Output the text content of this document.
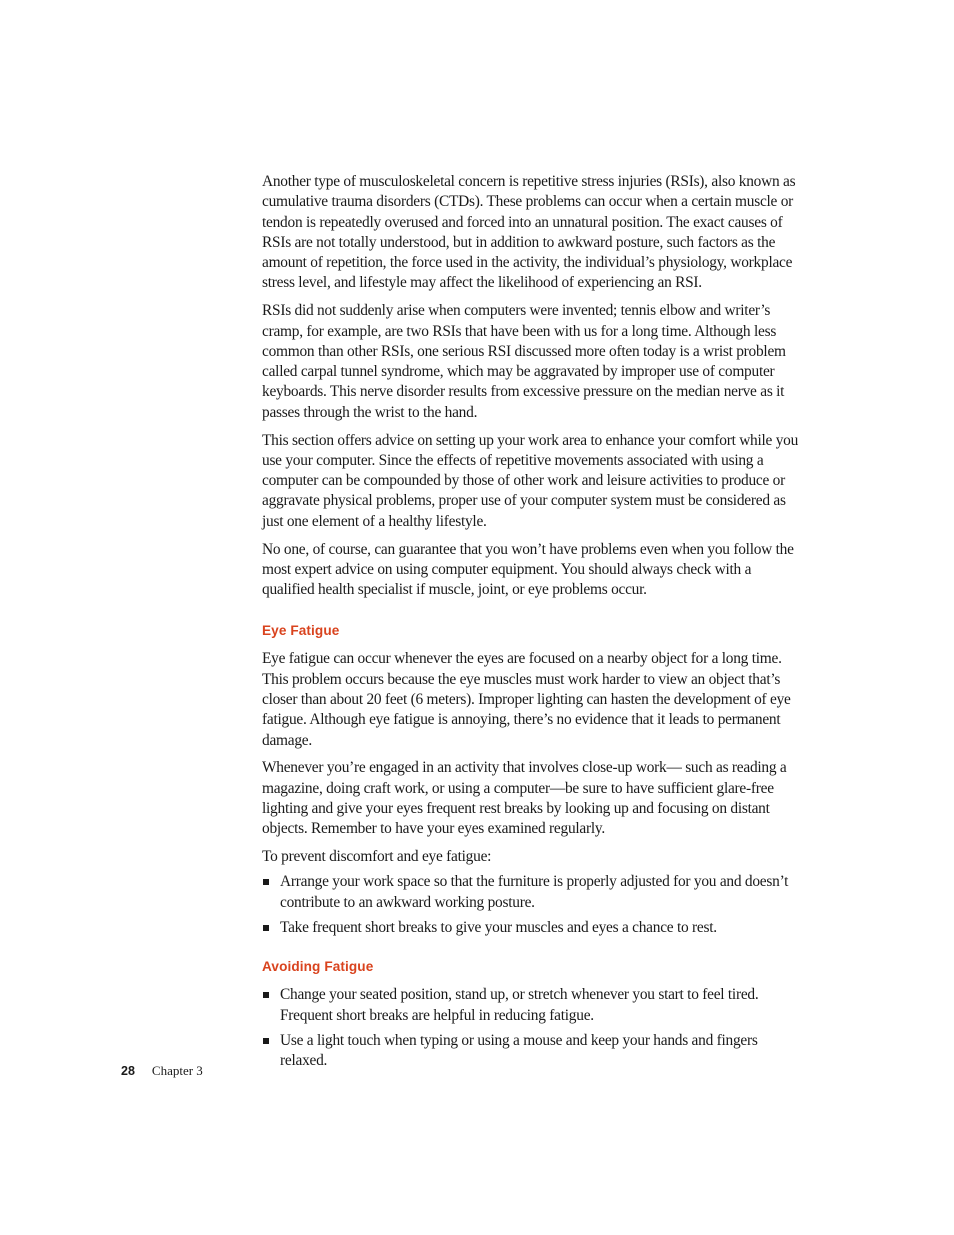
Another type of musculoskeletal concern is repetitive stress injuries (RSIs), also known as cumulative trauma disorders (CTDs). These problems can occur when a certain muscle or tendon is repeatedly overused and forced into an unnatural position. The exact causes of RSIs are not totally understood, but in addition to awkward posture, such factors as the amount of repetition, the force used in the activity, the individual’s physiology, workplace stress level, and lifestyle may affect the likelihood of experiencing an RSI.

RSIs did not suddenly arise when computers were invented; tennis elbow and writer’s cramp, for example, are two RSIs that have been with us for a long time. Although less common than other RSIs, one serious RSI discussed more often today is a wrist problem called carpal tunnel syndrome, which may be aggravated by improper use of computer keyboards. This nerve disorder results from excessive pressure on the median nerve as it passes through the wrist to the hand.

This section offers advice on setting up your work area to enhance your comfort while you use your computer. Since the effects of repetitive movements associated with using a computer can be compounded by those of other work and leisure activities to produce or aggravate physical problems, proper use of your computer system must be considered as just one element of a healthy lifestyle.

No one, of course, can guarantee that you won’t have problems even when you follow the most expert advice on using computer equipment. You should always check with a qualified health specialist if muscle, joint, or eye problems occur.

Eye Fatigue

Eye fatigue can occur whenever the eyes are focused on a nearby object for a long time. This problem occurs because the eye muscles must work harder to view an object that’s closer than about 20 feet (6 meters). Improper lighting can hasten the development of eye fatigue. Although eye fatigue is annoying, there’s no evidence that it leads to permanent damage.

Whenever you’re engaged in an activity that involves close-up work— such as reading a magazine, doing craft work, or using a computer—be sure to have sufficient glare-free lighting and give your eyes frequent rest breaks by looking up and focusing on distant objects. Remember to have your eyes examined regularly.

To prevent discomfort and eye fatigue:

Arrange your work space so that the furniture is properly adjusted for you and doesn’t contribute to an awkward working posture.
Take frequent short breaks to give your muscles and eyes a chance to rest.
Avoiding Fatigue
Change your seated position, stand up, or stretch whenever you start to feel tired. Frequent short breaks are helpful in reducing fatigue.
Use a light touch when typing or using a mouse and keep your hands and fingers relaxed.
28 Chapter 3
